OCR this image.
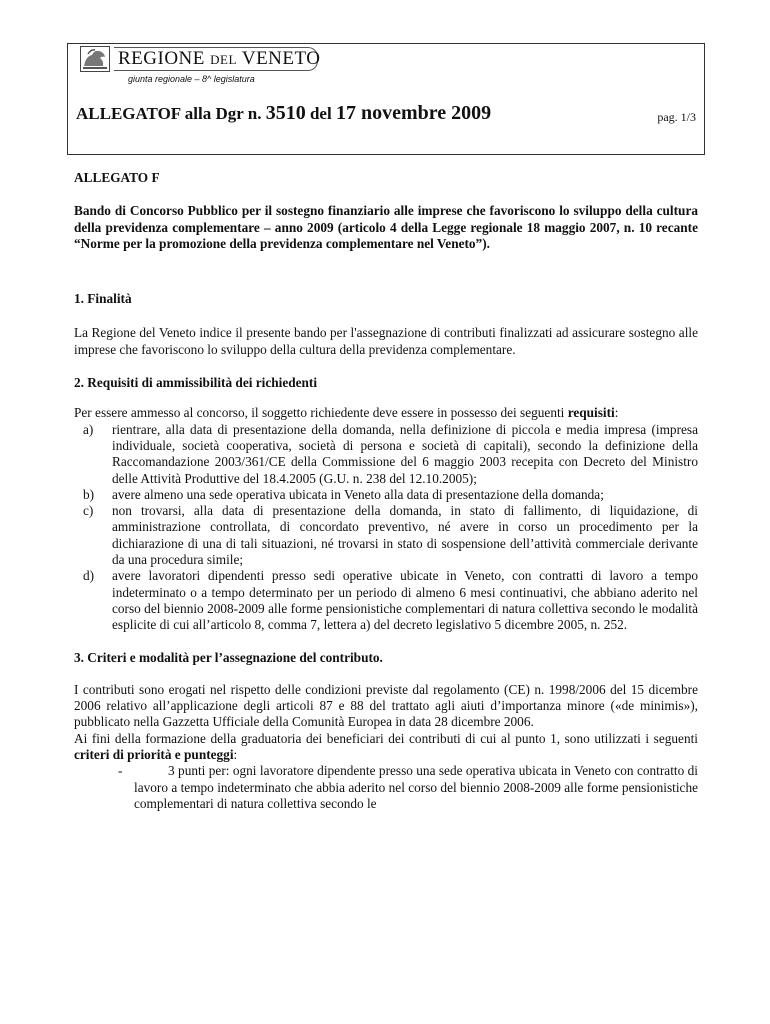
REGIONE DEL VENETO
giunta regionale – 8^ legislatura
ALLEGATOF alla Dgr n. 3510 del 17 novembre 2009	pag. 1/3

ALLEGATO F

Bando di Concorso Pubblico per il sostegno finanziario alle imprese che favoriscono lo sviluppo della cultura della previdenza complementare – anno 2009 (articolo 4 della Legge regionale 18 maggio 2007, n. 10 recante “Norme per la promozione della previdenza complementare nel Veneto”).

1. Finalità

La Regione del Veneto indice il presente bando per l'assegnazione di contributi finalizzati ad assicurare sostegno alle imprese che favoriscono lo sviluppo della cultura della previdenza complementare.

2. Requisiti di ammissibilità dei richiedenti

Per essere ammesso al concorso, il soggetto richiedente deve essere in possesso dei seguenti requisiti:

a) rientrare, alla data di presentazione della domanda, nella definizione di piccola e media impresa (impresa individuale, società cooperativa, società di persona e società di capitali), secondo la definizione della Raccomandazione 2003/361/CE della Commissione del 6 maggio 2003 recepita con Decreto del Ministro delle Attività Produttive del 18.4.2005 (G.U. n. 238 del 12.10.2005);
b) avere almeno una sede operativa ubicata in Veneto alla data di presentazione della domanda;
c) non trovarsi, alla data di presentazione della domanda, in stato di fallimento, di liquidazione, di amministrazione controllata, di concordato preventivo, né avere in corso un procedimento per la dichiarazione di una di tali situazioni, né trovarsi in stato di sospensione dell’attività commerciale derivante da una procedura simile;
d) avere lavoratori dipendenti presso sedi operative ubicate in Veneto, con contratti di lavoro a tempo indeterminato o a tempo determinato per un periodo di almeno 6 mesi continuativi, che abbiano aderito nel corso del biennio 2008-2009 alle forme pensionistiche complementari di natura collettiva secondo le modalità esplicite di cui all’articolo 8, comma 7, lettera a) del decreto legislativo 5 dicembre 2005, n. 252.

3. Criteri e modalità per l’assegnazione del contributo.

I contributi sono erogati nel rispetto delle condizioni previste dal regolamento (CE) n. 1998/2006 del 15 dicembre 2006 relativo all’applicazione degli articoli 87 e 88 del trattato agli aiuti d’importanza minore («de minimis»), pubblicato nella Gazzetta Ufficiale della Comunità Europea in data 28 dicembre 2006.

Ai fini della formazione della graduatoria dei beneficiari dei contributi di cui al punto 1, sono utilizzati i seguenti criteri di priorità e punteggi:

-	3 punti per: ogni lavoratore dipendente presso una sede operativa ubicata in Veneto con contratto di lavoro a tempo indeterminato che abbia aderito nel corso del biennio 2008-2009 alle forme pensionistiche complementari di natura collettiva secondo le
